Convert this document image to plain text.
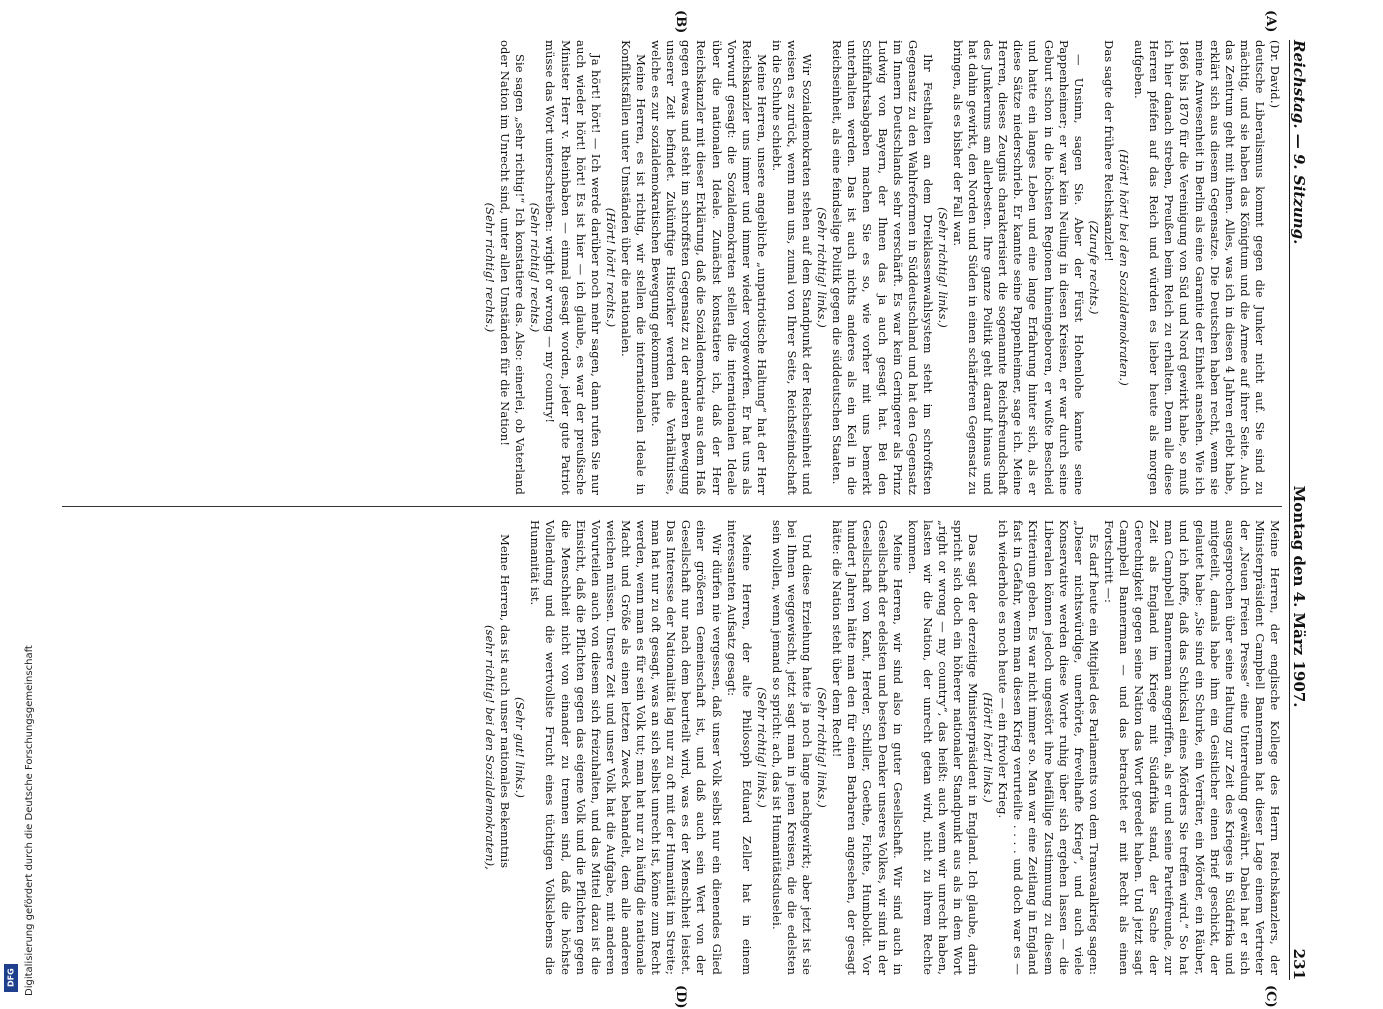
Reichstag. — 9. Sitzung.
Montag den 4. März 1907.
231

(Dr. David.)

deutsche Liberalismus kommt gegen die Junker nicht auf. Sie sind zu mächtig, und sie haben das Königtum und die Armee auf ihrer Seite. Auch das Zentrum geht mit ihnen. Alles, was ich in diesen 4 Jahren erlebt habe, erklärt sich aus diesem Gegensatze. Die Deutschen haben recht, wenn sie meine Anwesenheit in Berlin als eine Garantie der Einheit ansehen. Wie ich 1866 bis 1870 für die Vereinigung von Süd und Nord gewirkt habe, so muß ich hier danach streben, Preußen beim Reich zu erhalten. Denn alle diese Herren pfeifen auf das Reich und würden es lieber heute als morgen aufgeben.

(Hört! hört! bei den Sozialdemokraten.)

Das sagte der frühere Reichskanzler!

(Zurufe rechts.)

— Unsinn, sagen Sie. Aber der Fürst Hohenlohe kannte seine Pappenheimer; er war kein Neuling in diesen Kreisen, er war durch seine Geburt schon in die höchsten Regionen hineingeboren, er wußte Bescheid und hatte ein langes Leben und eine lange Erfahrung hinter sich, als er diese Sätze niederschrieb. Er kannte seine Pappenheimer, sage ich. Meine Herren, dieses Zeugnis charakterisiert die sogenannte Reichsfreundschaft des Junkerums am allerbesten. Ihre ganze Politik geht darauf hinaus und hat dahin gewirkt, den Norden und Süden in einen schärferen Gegensatz zu bringen, als es bisher der Fall war.

(Sehr richtig! links.)

Ihr Festhalten an dem Dreiklassenwahlsystem steht im schroffsten Gegensatz zu den Wahlreformen in Süddeutschland und hat den Gegensatz im Innern Deutschlands sehr verschärft. Es war kein Geringerer als Prinz Ludwig von Bayern, der Ihnen das ja auch gesagt hat. Bei den Schiffahrtsabgaben machen Sie es so, wie vorher mit uns bemerkt unterhalten werden. Das ist auch nichts anderes als ein Keil in die Reichseinheit, als eine feindselige Politik gegen die süddeutschen Staaten.

(Sehr richtig! links.)

Wir Sozialdemokraten stehen auf dem Standpunkt der Reichseinheit und weisen es zurück, wenn man uns, zumal von Ihrer Seite, Reichsfeindschaft in die Schuhe schiebt.

Meine Herren, unsere angebliche „unpatriotische Haltung“ hat der Herr Reichskanzler uns immer und immer wieder vorgeworfen. Er hat uns als Vorwurf gesagt: die Sozialdemokraten stellen die internationalen Ideale über die nationalen Ideale. Zunächst konstatiere ich, daß der Herr Reichskanzler mit dieser Erklärung, daß die Sozialdemokratie aus dem Haß gegen etwas und steht im schroffsten Gegensatz zu der anderen Bewegung unserer Zeit befindet. Zukünftige Historiker werden die Verhältnisse, welche es zur sozialdemokratischen Bewegung gekommen hatte.

Meine Herren, es ist richtig, wir stellen die internationalen Ideale in Konfliktsfällen unter Umständen über die nationalen.

(Hört! hört! rechts.)

Ja hört! hört! — Ich werde darüber noch mehr sagen, dann rufen Sie nur auch wieder hört! hört! Es ist hier — ich glaube, es war der preußische Minister Herr v. Rheinbaben — einmal gesagt worden, jeder gute Patriot müsse das Wort unterschreiben: wright or wrong — my country!

(Sehr richtig! rechts.)

Sie sagen „sehr richtig!“ Ich konstatiere das. Also: einerlei, ob Vaterland oder Nation im Unrecht sind, unter allen Umständen für die Nation!

(Sehr richtig! rechts.)

Meine Herren, der englische Kollege des Herrn Reichskanzlers, der Ministerpräsident Campbell Bannerman hat dieser Lage einem Vertreter der „Neuen Freien Presse“ eine Unterredung gewährt. Dabei hat er sich ausgesprochen über seine Haltung zur Zeit des Krieges in Südafrika und mitgeteilt, damals habe ihm ein Geistlicher einen Brief geschickt, der gelautet habe: „Sie sind ein Schurke, ein Verräter, ein Mörder, ein Räuber, und ich hoffe, daß das Schicksal eines Mörders Sie treffen wird.“ So hat man Campbell Bannerman angegriffen, als er und seine Parteifreunde, zur Zeit als England im Kriege mit Südafrika stand, der Sache der Gerechtigkeit gegen seine Nation das Wort geredet haben. Und jetzt sagt Campbell Bannerman — und das betrachtet er mit Recht als einen Fortschritt —:

Es darf heute ein Mitglied des Parlaments von dem Transvaalkrieg sagen: „Dieser nichtswürdige, unerhörte, frevelhafte Krieg“, und auch viele Konservative werden diese Worte ruhig über sich ergehen lassen — die Liberalen können jedoch ungestört ihre beifällige Zustimmung zu diesem Kriterium geben. Es war nicht immer so. Man war eine Zeitlang in England fast in Gefahr, wenn man diesen Krieg verurteilte . . . . und doch war es — ich wiederhole es noch heute — ein frivoler Krieg.

(Hört! hört! links.)

Das sagt der derzeitige Ministerpräsident in England. Ich glaube, darin spricht sich doch ein höherer nationaler Standpunkt aus als in dem Wort „right or wrong — my country“, das heißt: auch wenn wir unrecht haben, lasten wir die Nation, der unrecht getan wird, nicht zu ihrem Rechte kommen.

Meine Herren, wir sind also in guter Gesellschaft. Wir sind auch in Gesellschaft der edelsten und besten Denker unseres Volkes, wir sind in der Gesellschaft von Kant, Herder, Schiller, Goethe, Fichte, Humboldt. Vor hundert Jahren hätte man den für einen Barbaren angesehen, der gesagt hätte: die Nation steht über dem Recht!

(Sehr richtig! links.)

Und diese Erziehung hatte ja noch lange nachgewirkt; aber jetzt ist sie bei Ihnen weggewischt, jetzt sagt man in jenen Kreisen, die die edelsten sein wollen, wenn jemand so spricht: ach, das ist Humanitätsduselei.

(Sehr richtig! links.)

Meine Herren, der alte Philosoph Eduard Zeller hat in einem interessanten Aufsatz gesagt:

Wir dürfen nie vergessen, daß unser Volk selbst nur ein dienendes Glied einer größeren Gemeinschaft ist, und daß auch sein Wert von der Gesellschaft nur nach dem beurteilt wird, was es der Menschheit leistet. Das Interesse der Nationalität lag nur zu oft mit der Humanität im Streite; man hat nur zu oft gesagt, was an sich selbst unrecht ist, könne zum Recht werden, wenn man es für sein Volk tut; man hat nur zu häufig die nationale Macht und Größe als einen letzten Zweck behandelt, dem alle anderen weichen müssen. Unsere Zeit und unser Volk hat die Aufgabe, mit anderen Vorurteilen auch von diesem sich freizuhalten, und das Mittel dazu ist die Einsicht, daß die Pflichten gegen das eigene Volk und die Pflichten gegen die Menschheit nicht von einander zu trennen sind, daß die höchste Vollendung und die wertvollste Frucht eines tüchtigen Volkslebens die Humanität ist.

(Sehr gut! links.)

Meine Herren, das ist auch unser nationales Bekenntnis

(sehr richtig! bei den Sozialdemokraten),

(A)
(B)
(C)
(D)
Digitalisierung gefördert durch die Deutsche Forschungsgemeinschaft
DFG
